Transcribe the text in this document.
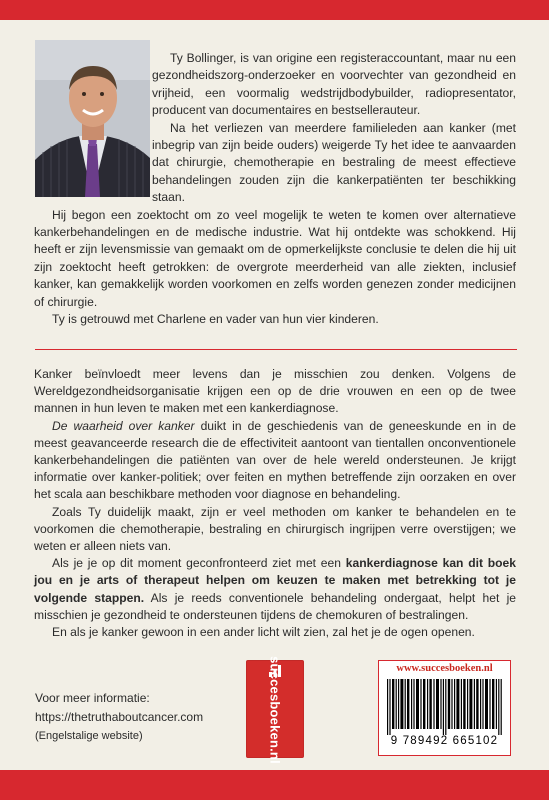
Ty Bollinger, is van origine een registeraccountant, maar nu een gezondheidszorg-onderzoeker en voorvechter van gezondheid en vrijheid, een voormalig wedstrijdbodybuilder, radiopresentator, producent van documentaires en bestsellerauteur.

Na het verliezen van meerdere familieleden aan kanker (met inbegrip van zijn beide ouders) weigerde Ty het idee te aanvaarden dat chirurgie, chemotherapie en bestraling de meest effectieve behandelingen zouden zijn die kankerpatiënten ter beschikking staan.

Hij begon een zoektocht om zo veel mogelijk te weten te komen over alternatieve kankerbehandelingen en de medische industrie. Wat hij ontdekte was schokkend. Hij heeft er zijn levensmissie van gemaakt om de opmerkelijkste conclusie te delen die hij uit zijn zoektocht heeft getrokken: de overgrote meerderheid van alle ziekten, inclusief kanker, kan gemakkelijk worden voorkomen en zelfs worden genezen zonder medicijnen of chirurgie.

Ty is getrouwd met Charlene en vader van hun vier kinderen.

Kanker beïnvloedt meer levens dan je misschien zou denken. Volgens de Wereldgezondheidsorganisatie krijgen een op de drie vrouwen en een op de twee mannen in hun leven te maken met een kankerdiagnose.

De waarheid over kanker duikt in de geschiedenis van de geneeskunde en in de meest geavanceerde research die de effectiviteit aantoont van tientallen onconventionele kankerbehandelingen die patiënten van over de hele wereld ondersteunen. Je krijgt informatie over kanker-politiek; over feiten en mythen betreffende zijn oorzaken en over het scala aan beschikbare methoden voor diagnose en behandeling.

Zoals Ty duidelijk maakt, zijn er veel methoden om kanker te behandelen en te voorkomen die chemotherapie, bestraling en chirurgisch ingrijpen verre overstijgen; we weten er alleen niets van.

Als je je op dit moment geconfronteerd ziet met een kankerdiagnose kan dit boek jou en je arts of therapeut helpen om keuzen te maken met betrekking tot je volgende stappen. Als je reeds conventionele behandeling ondergaat, helpt het je misschien je gezondheid te ondersteunen tijdens de chemokuren of bestralingen.

En als je kanker gewoon in een ander licht wilt zien, zal het je de ogen openen.

Voor meer informatie:
https://thetruthaboutcancer.com
(Engelstalige website)	succesboeken.nl	www.succesboeken.nl
9 789492 665102
